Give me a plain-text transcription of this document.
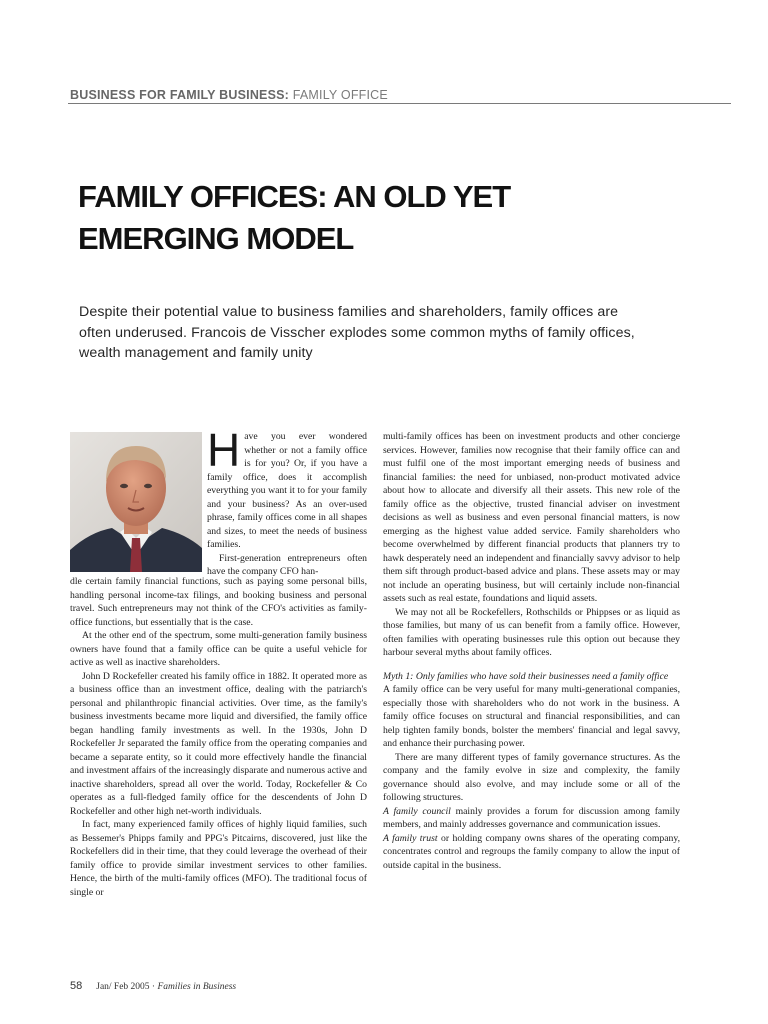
BUSINESS FOR FAMILY BUSINESS: FAMILY OFFICE
FAMILY OFFICES: AN OLD YET EMERGING MODEL

Despite their potential value to business families and shareholders, family offices are often underused. Francois de Visscher explodes some common myths of family offices, wealth management and family unity

Have you ever wondered whether or not a family office is for you? Or, if you have a family office, does it accomplish everything you want it to for your family and your business? As an over-used phrase, family offices come in all shapes and sizes, to meet the needs of business families.

First-generation entrepreneurs often have the company CFO han-

dle certain family financial functions, such as paying some personal bills, handling personal income-tax filings, and booking business and personal travel. Such entrepreneurs may not think of the CFO's activities as family-office functions, but essentially that is the case.

At the other end of the spectrum, some multi-generation family business owners have found that a family office can be quite a useful vehicle for active as well as inactive shareholders.

John D Rockefeller created his family office in 1882. It operated more as a business office than an investment office, dealing with the patriarch's personal and philanthropic financial activities. Over time, as the family's business investments became more liquid and diversified, the family office began handling family investments as well. In the 1930s, John D Rockefeller Jr separated the family office from the operating companies and became a separate entity, so it could more effectively handle the financial and investment affairs of the increasingly disparate and numerous active and inactive shareholders, spread all over the world. Today, Rockefeller & Co operates as a full-fledged family office for the descendents of John D Rockefeller and other high net-worth individuals.

In fact, many experienced family offices of highly liquid families, such as Bessemer's Phipps family and PPG's Pitcairns, discovered, just like the Rockefellers did in their time, that they could leverage the overhead of their family office to provide similar investment services to other families. Hence, the birth of the multi-family offices (MFO). The traditional focus of single or

multi-family offices has been on investment products and other concierge services. However, families now recognise that their family office can and must fulfil one of the most important emerging needs of business and financial families: the need for unbiased, non-product motivated advice about how to allocate and diversify all their assets. This new role of the family office as the objective, trusted financial adviser on investment decisions as well as business and even personal financial matters, is now emerging as the highest value added service. Family shareholders who become overwhelmed by different financial products that planners try to hawk desperately need an independent and financially savvy advisor to help them sift through product-based advice and plans. These assets may or may not include an operating business, but will certainly include non-financial assets such as real estate, foundations and liquid assets.

We may not all be Rockefellers, Rothschilds or Phippses or as liquid as those families, but many of us can benefit from a family office. However, often families with operating businesses rule this option out because they harbour several myths about family offices.

Myth 1: Only families who have sold their businesses need a family office

A family office can be very useful for many multi-generational companies, especially those with shareholders who do not work in the business. A family office focuses on structural and financial responsibilities, and can help tighten family bonds, bolster the members' financial and legal savvy, and enhance their purchasing power.

There are many different types of family governance structures. As the company and the family evolve in size and complexity, the family governance should also evolve, and may include some or all of the following structures.

A family council mainly provides a forum for discussion among family members, and mainly addresses governance and communication issues.

A family trust or holding company owns shares of the operating company, concentrates control and regroups the family company to allow the input of outside capital in the business.

58 Jan/ Feb 2005 · Families in Business
